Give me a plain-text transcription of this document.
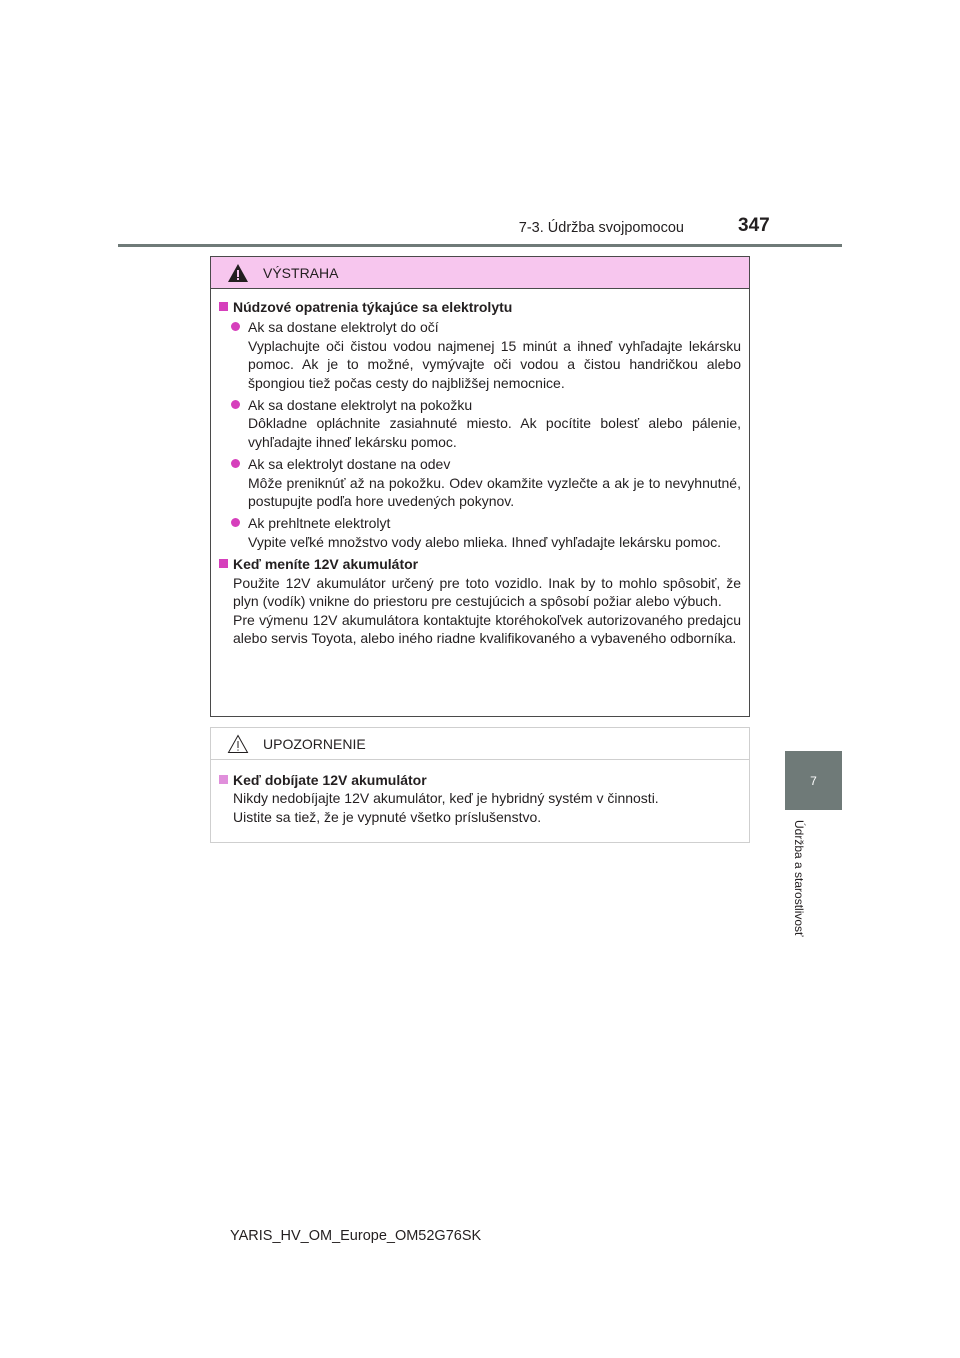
7-3. Údržba svojpomocou	347
7
Údržba a starostlivosť
VÝSTRAHA
Núdzové opatrenia týkajúce sa elektrolytu
Ak sa dostane elektrolyt do očí
Vyplachujte oči čistou vodou najmenej 15 minút a ihneď vyhľadajte lekársku pomoc. Ak je to možné, vymývajte oči vodou a čistou handričkou alebo špongiou tiež počas cesty do najbližšej nemocnice.
Ak sa dostane elektrolyt na pokožku
Dôkladne opláchnite zasiahnuté miesto. Ak pocítite bolesť alebo pálenie, vyhľadajte ihneď lekársku pomoc.
Ak sa elektrolyt dostane na odev
Môže preniknúť až na pokožku. Odev okamžite vyzlečte a ak je to nevyhnutné, postupujte podľa hore uvedených pokynov.
Ak prehltnete elektrolyt
Vypite veľké množstvo vody alebo mlieka. Ihneď vyhľadajte lekársku pomoc.
Keď meníte 12V akumulátor
Použite 12V akumulátor určený pre toto vozidlo. Inak by to mohlo spôsobiť, že plyn (vodík) vnikne do priestoru pre cestujúcich a spôsobí požiar alebo výbuch.
Pre výmenu 12V akumulátora kontaktujte ktoréhokoľvek autorizovaného predajcu alebo servis Toyota, alebo iného riadne kvalifikovaného a vybaveného odborníka.
UPOZORNENIE
Keď dobíjate 12V akumulátor
Nikdy nedobíjajte 12V akumulátor, keď je hybridný systém v činnosti.
Uistite sa tiež, že je vypnuté všetko príslušenstvo.
YARIS_HV_OM_Europe_OM52G76SK
